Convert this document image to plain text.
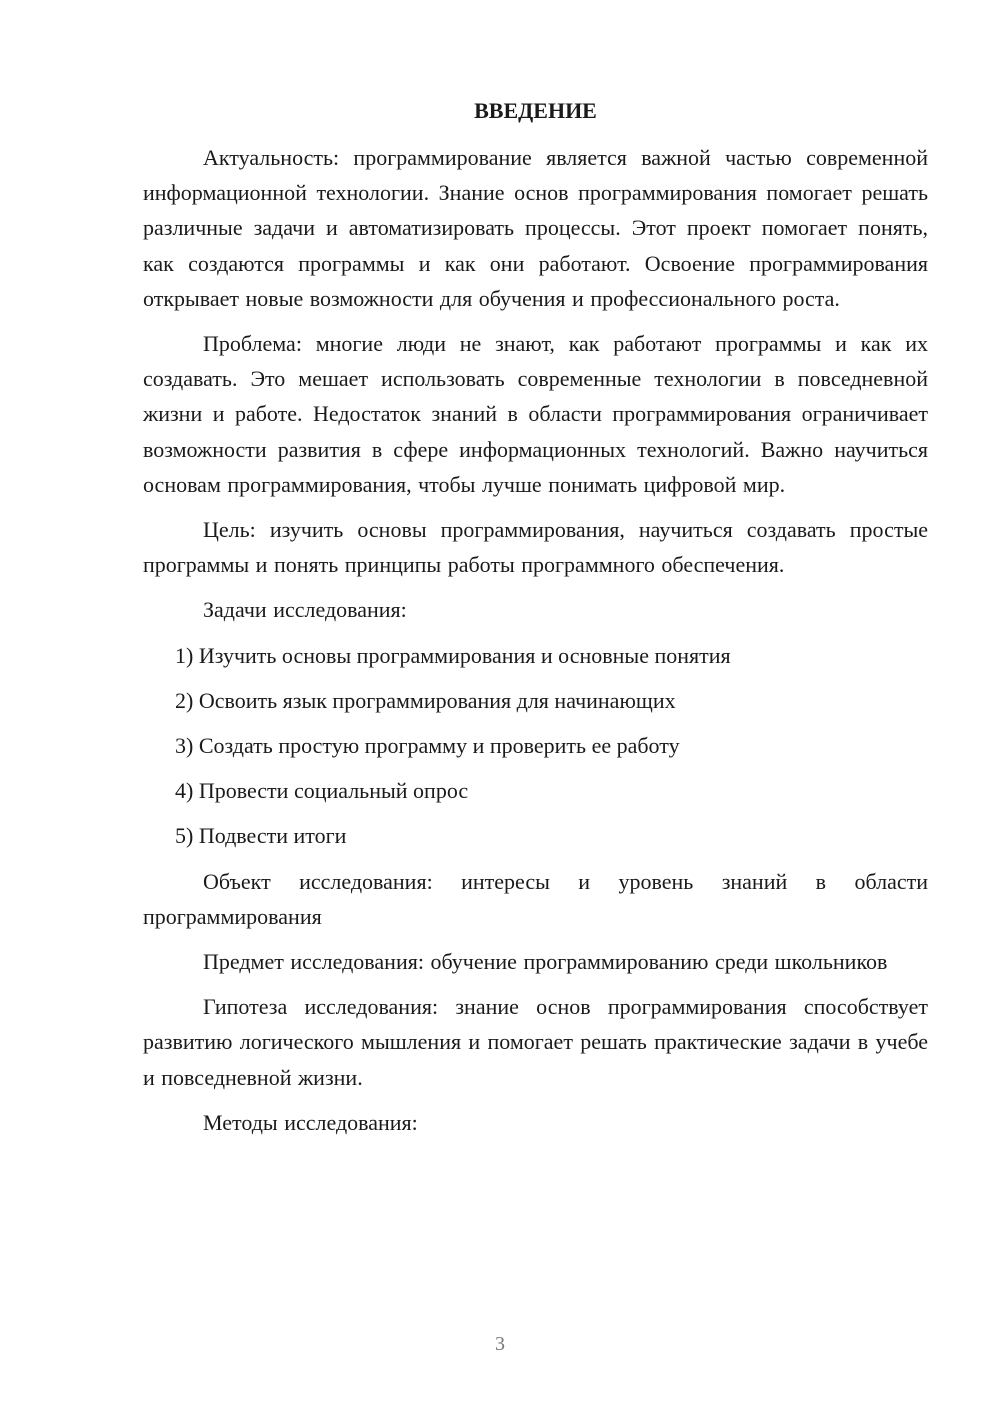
ВВЕДЕНИЕ

Актуальность: программирование является важной частью современной информационной технологии. Знание основ программирования помогает решать различные задачи и автоматизировать процессы. Этот проект помогает понять, как создаются программы и как они работают. Освоение программирования открывает новые возможности для обучения и профессионального роста.

Проблема: многие люди не знают, как работают программы и как их создавать. Это мешает использовать современные технологии в повседневной жизни и работе. Недостаток знаний в области программирования ограничивает возможности развития в сфере информационных технологий. Важно научиться основам программирования, чтобы лучше понимать цифровой мир.

Цель: изучить основы программирования, научиться создавать простые программы и понять принципы работы программного обеспечения.

Задачи исследования:

1) Изучить основы программирования и основные понятия
2) Освоить язык программирования для начинающих
3) Создать простую программу и проверить ее работу
4) Провести социальный опрос
5) Подвести итоги

Объект исследования: интересы и уровень знаний в области программирования

Предмет исследования: обучение программированию среди школьников

Гипотеза исследования: знание основ программирования способствует развитию логического мышления и помогает решать практические задачи в учебе и повседневной жизни.

Методы исследования:

3
